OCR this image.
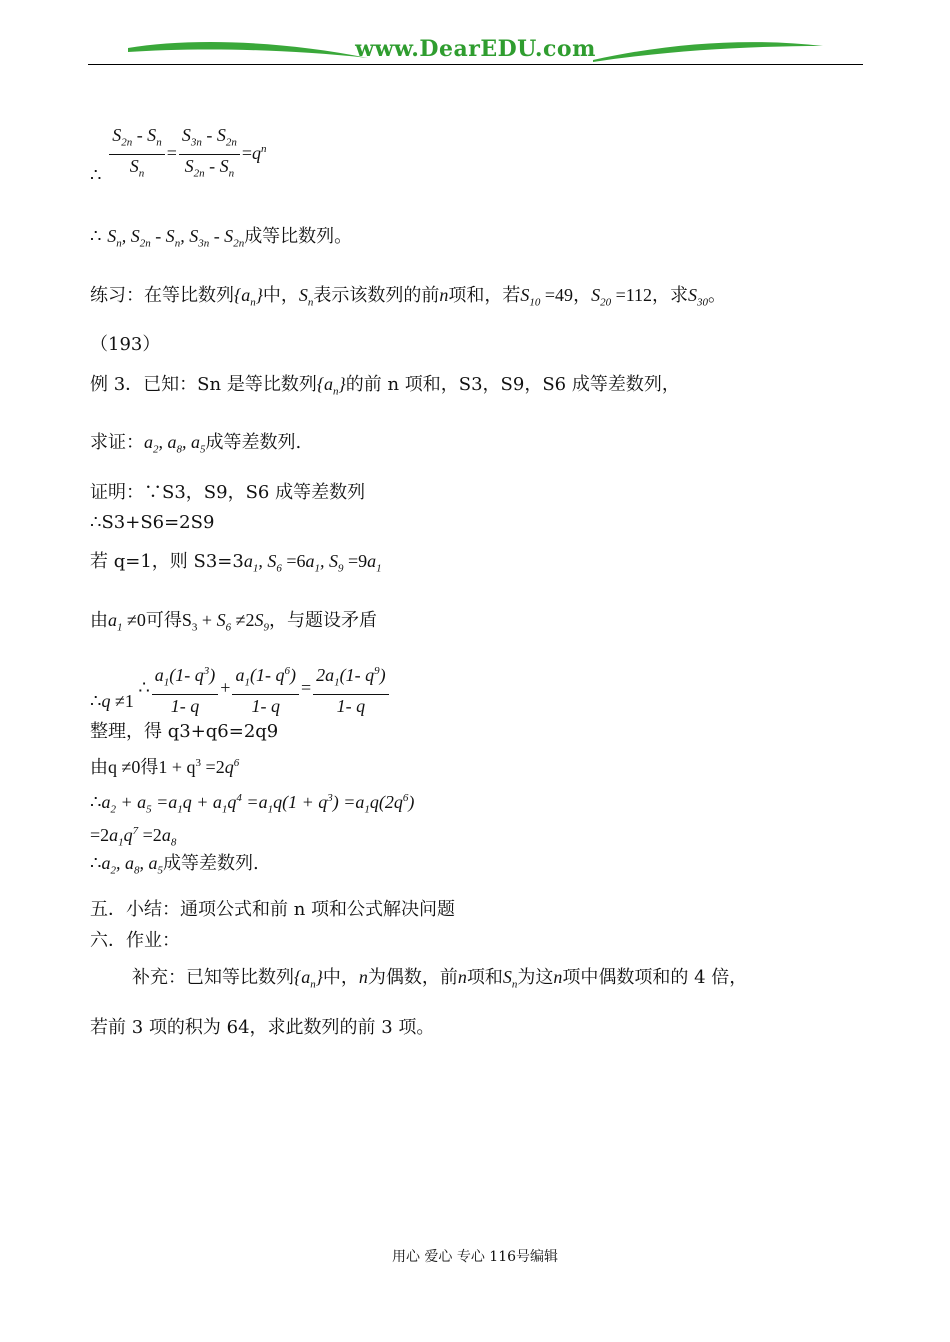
www.DearEDU.com
∴ $\frac{S_{2n} - S_n}{S_n} = \frac{S_{3n} - S_{2n}}{S_{2n} - S_n} =q^n$
∴ $S_n$, $S_{2n} - S_n$, $S_{3n} - S_{2n}$成等比数列。
练习：在等比数列$\{a_n\}$中，$S_n$表示该数列的前n项和，若$S_{10} =49$，$S_{20} =112$，求$S_{30}$。
（193）
例 3．已知：Sn 是等比数列$\{a_n\}$的前 n 项和，S3，S9，S6 成等差数列，
求证：$a_2$, $a_8$, $a_5$成等差数列.
证明：∵S3，S9，S6 成等差数列
∴S3+S6=2S9
若 q=1，则 $S3=3a_1$, $S_6 =6a_1$, $S_9 =9a_1$
由$a_1 \ne 0$可得$S_3 + S_6 \ne 2S_9$，与题设矛盾
∴q ≠1 ∴ $\frac{a_1(1- q^3)}{1- q} + \frac{a_1(1- q^6)}{1- q} = \frac{2a_1(1- q^9)}{1- q}$
整理，得 q3+q6=2q9
由q ≠0得$1 + q^3 =2q^6$
$\therefore a_2 + a_5 =a_1q + a_1q^4 =a_1q(1 + q^3) =a_1q(2q^6)$
$=2a_1q^7 =2a_8$
$\therefore a_2$, $a_8$, $a_5$成等差数列.
五．小结：通项公式和前 n 项和公式解决问题
六．作业：
补充：已知等比数列$\{a_n\}$中，n为偶数，前n项和$S_n$为这n项中偶数项和的 4 倍，
若前 3 项的积为 64，求此数列的前 3 项。
用心 爱心 专心 116号编辑
